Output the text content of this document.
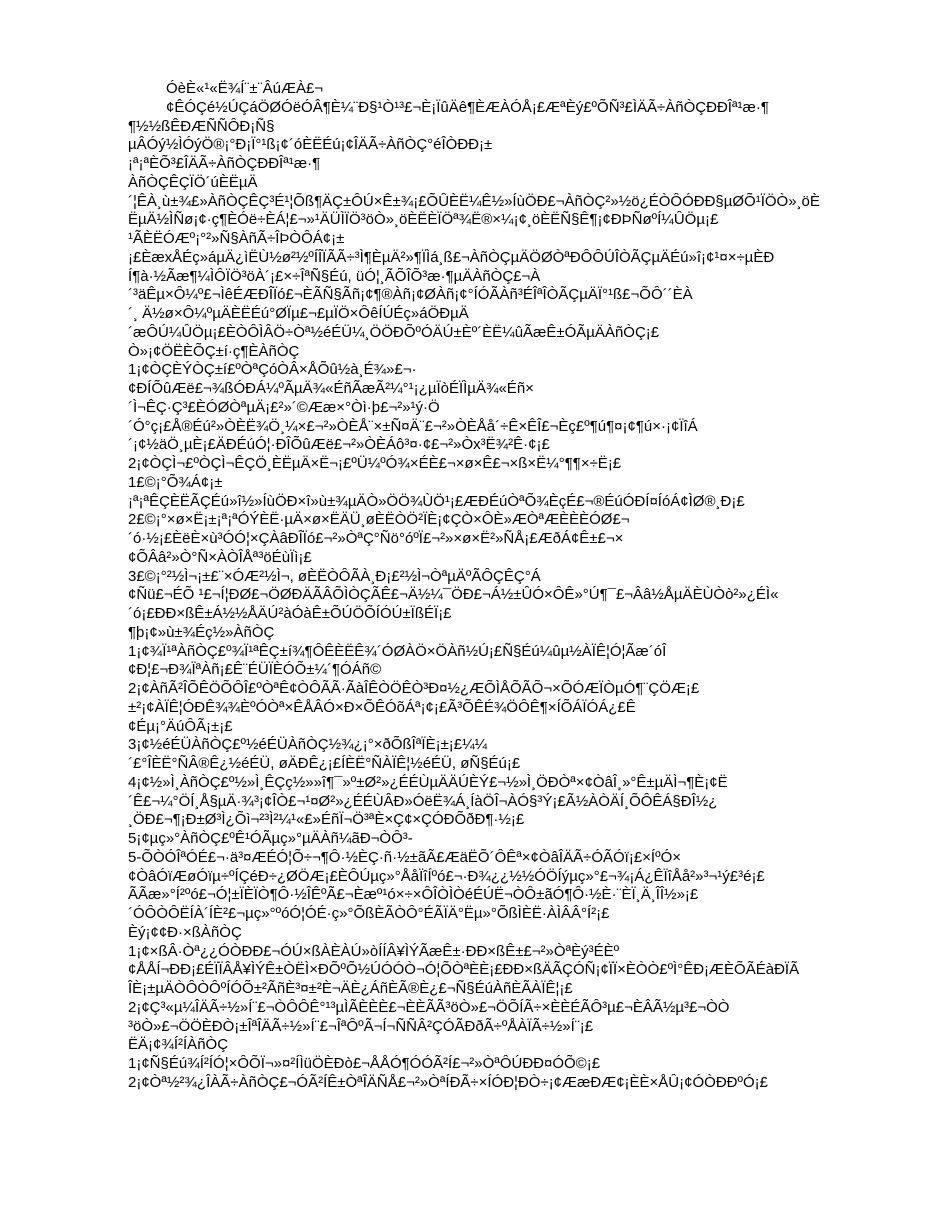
ÓèÈ«¹«Ë¾Í¨±¨ÂúÆÀ£¬
¢ÊÓÇé½ÚÇáÖØÓëÓÂ¶È¼¨Ð§¹Ò¹³£¬È¡ÏûÄê¶ÈÆÀÓÅ¡£ÆªÈý£ºÕÑ³£ÌÄÃ÷ÀñÒÇÐÐÎª¹æ·¶
¶½½ßÊÐÆÑÑÔÐ¡Ñ§
µÂÓý½ÌÓýÖ®¡°Ð¡Ï°¹ß¡¢´óÈËÉú¡¢ÎÄÃ÷ÀñÒÇ°éÎÒÐÐ¡±
¡ª¡ªÈÕ³£ÎÄÃ÷ÀñÒÇÐÐÎª¹æ·¶
ÀñÒÇÊÇÏÖ´úÈËµÄ
´¦ÊÀ¸ù±¾£»ÀñÒÇÊÇ³É¹¦Õß¶ÄÇ±ÔÚ×Ê±¾¡£ÕÛÈË¼Ê½»ÍùÖÐ£¬ÀñÒÇ²»½ö¿ÉÒÔÓÐÐ§µØÕ¹ÏÖÒ»¸öÈ
ËµÄ½ÌÑø¡¢·ç¶ÈÓë÷ÈÁ¦£¬»¹ÄÜÌÏÖ³öÒ»¸öÈËÈÏÖª¾Ë®×¼¡¢¸öÈËÑ§Ê¶¡¢ÐÞÑøºÍ¼ÛÖµ¡£
¹ÃÈËÓÆº¡°²»Ñ§ÀñÃ÷ÎÞÒÔÁ¢¡±
¡£ÈæxÅÉç»áµÄ¿ìËÙ½ø²½ºÍÎÏÃÃ÷³Ì¶ÈµÄ²»¶ÏÌá¸ß£¬ÀñÒÇµÄÖØÒªÐÔÔÚÎÒÃÇµÄÉú»î¡¢¹¤×÷µÈÐ
Í¶à·½Ãæ¶¼ÌÔÏÖ³öÀ´¡£×÷ÎªÑ§Éú, üÓ¦¸ÃÕÎÕ³æ·¶µÄÀñÒÇ£¬À
´³äÊµ×Ô¼º£¬ÌêÉÆÐÎÏó£¬ÈÃÑ§Ãñ¡¢¶®Àñ¡¢ØÀñ¡¢°ÍÓÃÀñ³ÉÎªÎÒÃÇµÄÏ°¹ß£¬ÕÔ´´ÈÀ
´¸ Ä½ø×Ô¼ºµÄÈËÉú°ØÏµ£¬£µÏÖ×ÔêÍÚÉç»áÖÐµÄ
´æÔÚ¼ÛÖµ¡£ÈÒÔÌÂÖ÷Òª½éÉÜ¼¸ÖÖÐÕºÓÄÚ±Èº´ÈË¼ûÃæÊ±ÓÃµÄÀñÒÇ¡£
Ò»¡¢ÖËÈÕÇ±í·ç¶ÈÀñÒÇ
1¡¢ÒÇÈÝÒÇ±í£ºÒªÇóÒÂ×ÅÕû½à¸É¾»£¬·
¢ÐÍÕûÆë£¬¾ßÓÐÁ¼ºÃµÄ¾«ÉñÃæÃ²¼°¹¡¿µÏòÉÏÌµÄ¾«Éñ×
´Ì¬ÊÇ·Ç³£ÈÓØÒªµÄ¡£²»´©Ææ×°Òì·þ£¬²»¹ý·Ö
´Ó°ç¡£Å®Éú²»ÒÈË¾Ö¸¼×£¬²»ÒÈÅ¨×±Ñ¤Ä¨£¬²»ÒÈÅå´÷Ê×ÊÎ£¬Èç£º¶ú¶¤¡¢¶ú×·¡¢ÏîÁ
´¡¢½äÖ¸µÈ¡£ÄÐÉúÓ¦·ÐÎÕûÆë£¬²»ÒÈÁô³¤·¢£¬²»Òx³Ë¾²Ê·¢¡£
2¡¢ÒÇÌ¬£ºÒÇÌ¬ÊÇÖ¸ÈËµÄ×Ë¬¡£ºÜ¼ºÓ¾×ÉÈ£¬×ø×Ê£¬×ß×Ë¼°¶¶×÷Ë¡£
1£©¡°Õ¾Á¢¡±
¡ª¡ªÊÇÈËÃÇÉú»î½»ÍùÖÐ×î»ù±¾µÄÒ»ÖÖ¾ÙÖ¹¡£ÆÐÉúÒªÕ¾ÈçÉ£¬®ÉúÓÐÍ¤ÍóÁ¢ÌØ®¸Ð¡£
2£©¡°×ø×Ë¡±¡ª¡ªÓÝÈË·µÄ×ø×ËÄÜ¸øÈËÒÖ²ÏÈ¡¢ÇÒ×ÔÈ»ÆÒªÆÈÈÈÓØ£¬
´ó·½¡£ÈëÈ×ù³ÓÓ¦×ÇÀâÐÎÏó£¬²»ÒªÇ°Ñö°óºÏ£¬²»×ø×Ë²»ÑÅ¡£ÆðÁ¢Ê±£¬×
¢ÕÂâ²»Ò°Ñ×ÀÒÎÅª³öÉùÏì¡£
3£©¡°²½Ì¬¡±£¨×ÓÆ²½Ì¬, øÈËÒÔÃÀ¸Ð¡£²½Ì¬ÒªµÄºÃÔÇÊÇ°Á
¢Ñü£¬ÉÕ ¹£¬Í¦ÐØ£¬ÖØÐÄÃÂÕÌÒÇÃÊ£¬Ä½¼¯ÖÐ£¬Á½±ÛÓ×ÔÊ»°Ú¶¯£¬Ââ½ÅµÄÈÙÒò²»¿ÉÌ«
´ó¡£ÐÐ×ßÊ±Á½½ÅÄÚ²àÓàÊ±ÕÚÖÕÍÓÚ±ÏßÉÏ¡£
¶þ¡¢»ù±¾Éç½»ÀñÒÇ
1¡¢¾Ï¹ªÀñÒÇ£º¾Ï¹ªÊÇ±í¾¶ÔÊÈËÊ¾´ÓØÀÖ×ÖÀñ½Ú¡£Ñ§Éú¼ûµ½ÀÏÊ¦Ó¦Ãæ´óÎ
¢Ð¦£¬Ð¾ÏªÀñ¡£Ê¨ÉÜÏÈÓÕ±¼´¶ÓÁñ©
2¡¢ÀñÃ²ÎÕÊÖÕÔÎ£ºÒªÊ¢ÒÔÃÃ·ÃàÎÊÒÖÊÒ³Ð¤½¿ÆÕÌÅÕÃÕ¬×ÕÓÆÏÒµÓ¶¨ÇÖÆ¡£
±²¡¢ÀÏÊ¦ÓÐÊ¾¾ÈºÓÒª×ÊÅÂÓ×Ð×ÕÊÓõÁª¡¢¡£Ã³ÕÊÉ¾ÖÔÊ¶×ÍÕÁÏÓÁ¿£Ê
¢Éµ¡°ÄúÔÃ¡±¡£
3¡¢½éÉÜÀñÒÇ£º½éÉÜÀñÒÇ½¾¿¡°×ðÕßÎªÏÈ¡±¡£¼¼
´£°ÎÈË°ÑÂ®Ê¿½éÉÜ, øÄÐÊ¿¡£ÍÈË°ÑÀÏÊ¦½éÉÜ, øÑ§Éú¡£
4¡¢½»Ì¸ÀñÒÇ£º½»Ì¸ÊÇç½»»î¶¯»º±Ø²»¿ÉÉÙµÄÄÚÈÝ£¬½»Ì¸ÖÐÒª×¢ÒâÎ¸»°Ê±µÄÌ¬¶È¡¢Ë
´Ê£¬¼°ÖÍ¸Å§µÄ·¾³¡¢ÎÒ£¬¹¤Ø²»¿ÉÉÙÂÐ»ÓëË¾Á¸ÍàÖÎ¬ÀÓ§³Ý¡£Ã½ÀÒÄÍ¸ÕÔÊÁ§ÐÎ½¿
¸ÖÐ£¬¶¡Ð±Ø³Ì¿Õì¬²³Ì²¼¹«£»ÉñÏ¬Ö³ªÈ×Ç¢×ÇÓÐÕðÐ¶·½¡£
5¡¢µç»°ÀñÒÇ£ºÊ¹ÓÃµç»°µÄÀñ¼ãÐ¬ÒÔ³-
5-ÕÒÓÎªÓÉ£¬·ä³¤ÆÉÓ¦Õ÷¬¶Ô·½ÈÇ·ñ·½±ãÃ£ÆäËÕ´ÔÊª×¢ÒâÎÄÃ÷ÓÃÓï¡£×ÍºÓ×
¢ÒâÓïÆøÓïµ÷ºÍÇéÐ÷¿ØÖÆ¡£ÈÔÚµç»°ÅåÏîÍºó£¬·Ð¾¿¿½½ÓÖÍýµç»°£¬¾¡Á¿ÊÏîÅå²»³¬¹ý£³é¡£
ÃÃæ»°Í²ºó£¬Ó¦±ÏÈÏÒ¶Ô·½ÎÊºÃ£¬Èæº¹ó×÷×ÔÎÒÌÒéÉÚË¬ÒÔ±ãÓ¶Ô·½È·¨ÈÏ¸Ä¸ÎÎ½»¡£
´ÓÔÒÔËÍÀ´ÍÈ²£¬µç»°ºóÓ¦ÓÉ·ç»°ÕßÈÃÒÔ°ÉÃÏÄ°Ëµ»°ÕßÌÈË·ÀÌÂÂ°Í²¡£
Èý¡¢¢Ð·×ßÀñÒÇ
1¡¢×ßÂ·Òª¿¿ÓÒÐÐ£¬ÓÚ×ßÀÈÀÚ»òÍÍÂ¥ÌÝÃæÊ±·ÐÐ×ßÊ±£¬²»ÒªÈý³ÉÈº
¢ÅÅÍ¬ÐÐ¡£ÉÏÏÂÅ¥ÌÝÊ±ÒËÌ×ÐÕºÕ½ÚÓÓÒ¬Ó¦ÕÒªÈÈ¡£ÐÐ×ßÄÃÇÓÑ¡¢ÏÏ×ÈÒÒ£ºÌ°ÊÐ¡ÆÈÕÃÉàÐÏÃ
ÎÈ¡±µÄÒÔÒÔºÍÓÕ±²ÃñÈ³¤±²È¬ÄÈ¿ÁñÈÃ®È¿£¬Ñ§ÉúÀñÈÃÀÏÊ¦¡£
2¡¢Ç³«µ¼ÎÄÃ÷½»Í¨£¬ÒÔÔÊ°¹³µÌÃÈÈÈ£¬ÈÈÃÃ³öÒ»£¬ÖÕÍÃ÷×ÈÈÉÃÔ³µ£¬ÈÂÃ½µ³£¬ÒÒ
³öÒ»£¬ÖÖÈÐÒ¡±ÎªÎÄÃ÷½»Í¨£¬ÎªÔºÃ¬Í¬ÑÑÂ²ÇÓÃÐðÃ÷ºÅÀÏÃ÷½»Í¨¡£
ËÄ¡¢¾Í²ÍÀñÒÇ
1¡¢Ñ§Éú¾Í²ÍÓ¦×ÔÕÏ¬»¤²ÍÌüÖÈÐò£¬ÅÅÓ¶ÓÓÃ²Í£¬²»ÒªÔÚÐÐ¤ÓÕ©¡£
2¡¢Òª½²¾¿ÎÀÃ÷ÀñÒÇ£¬ÓÃ²ÍÊ±ÒªÎÄÑÅ£¬²»ÒªÍÐÃ÷×ÍÓÐ¦ÐÒ÷¡¢ÆæÐÆ¢¡ÈÈ×ÅÛ¡¢ÓÒÐÐºÓ¡£
